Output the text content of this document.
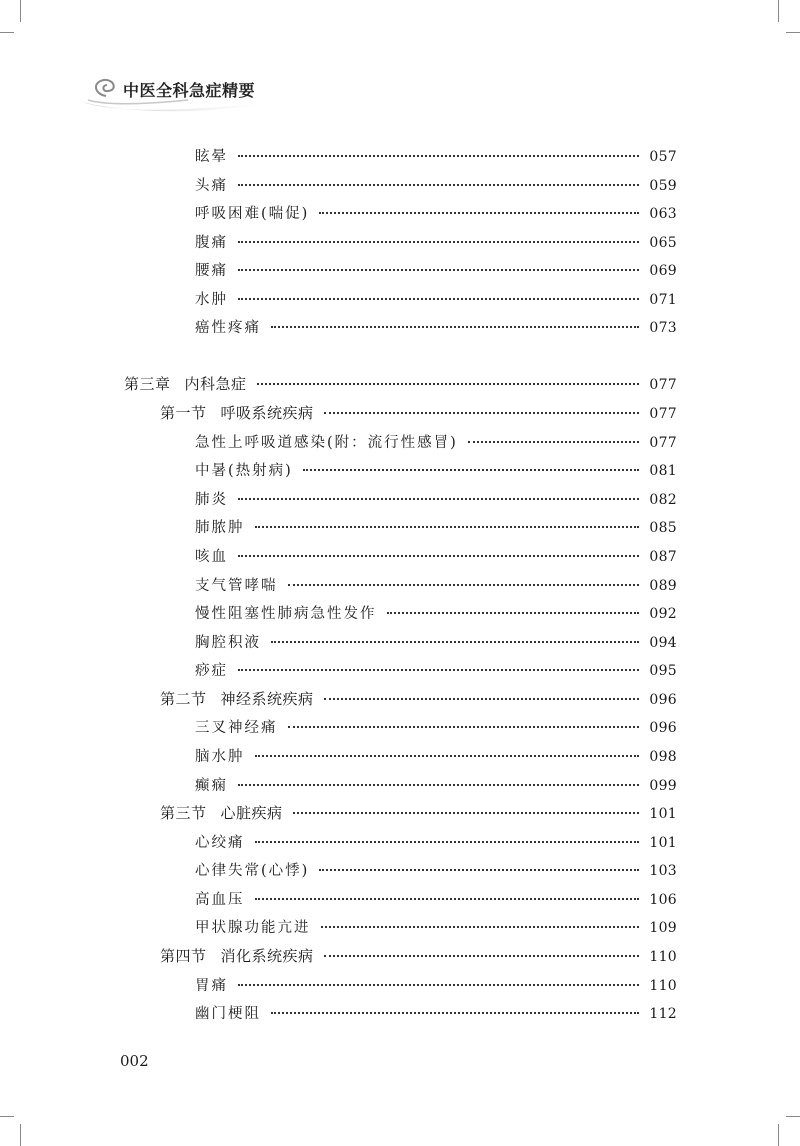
中医全科急症精要
眩晕	057
头痛	059
呼吸困难(喘促)	063
腹痛	065
腰痛	069
水肿	071
癌性疼痛	073
第三章 内科急症	077
第一节 呼吸系统疾病	077
急性上呼吸道感染(附：流行性感冒)	077
中暑(热射病)	081
肺炎	082
肺脓肿	085
咳血	087
支气管哮喘	089
慢性阻塞性肺病急性发作	092
胸腔积液	094
痧症	095
第二节 神经系统疾病	096
三叉神经痛	096
脑水肿	098
癫痫	099
第三节 心脏疾病	101
心绞痛	101
心律失常(心悸)	103
高血压	106
甲状腺功能亢进	109
第四节 消化系统疾病	110
胃痛	110
幽门梗阻	112
002
